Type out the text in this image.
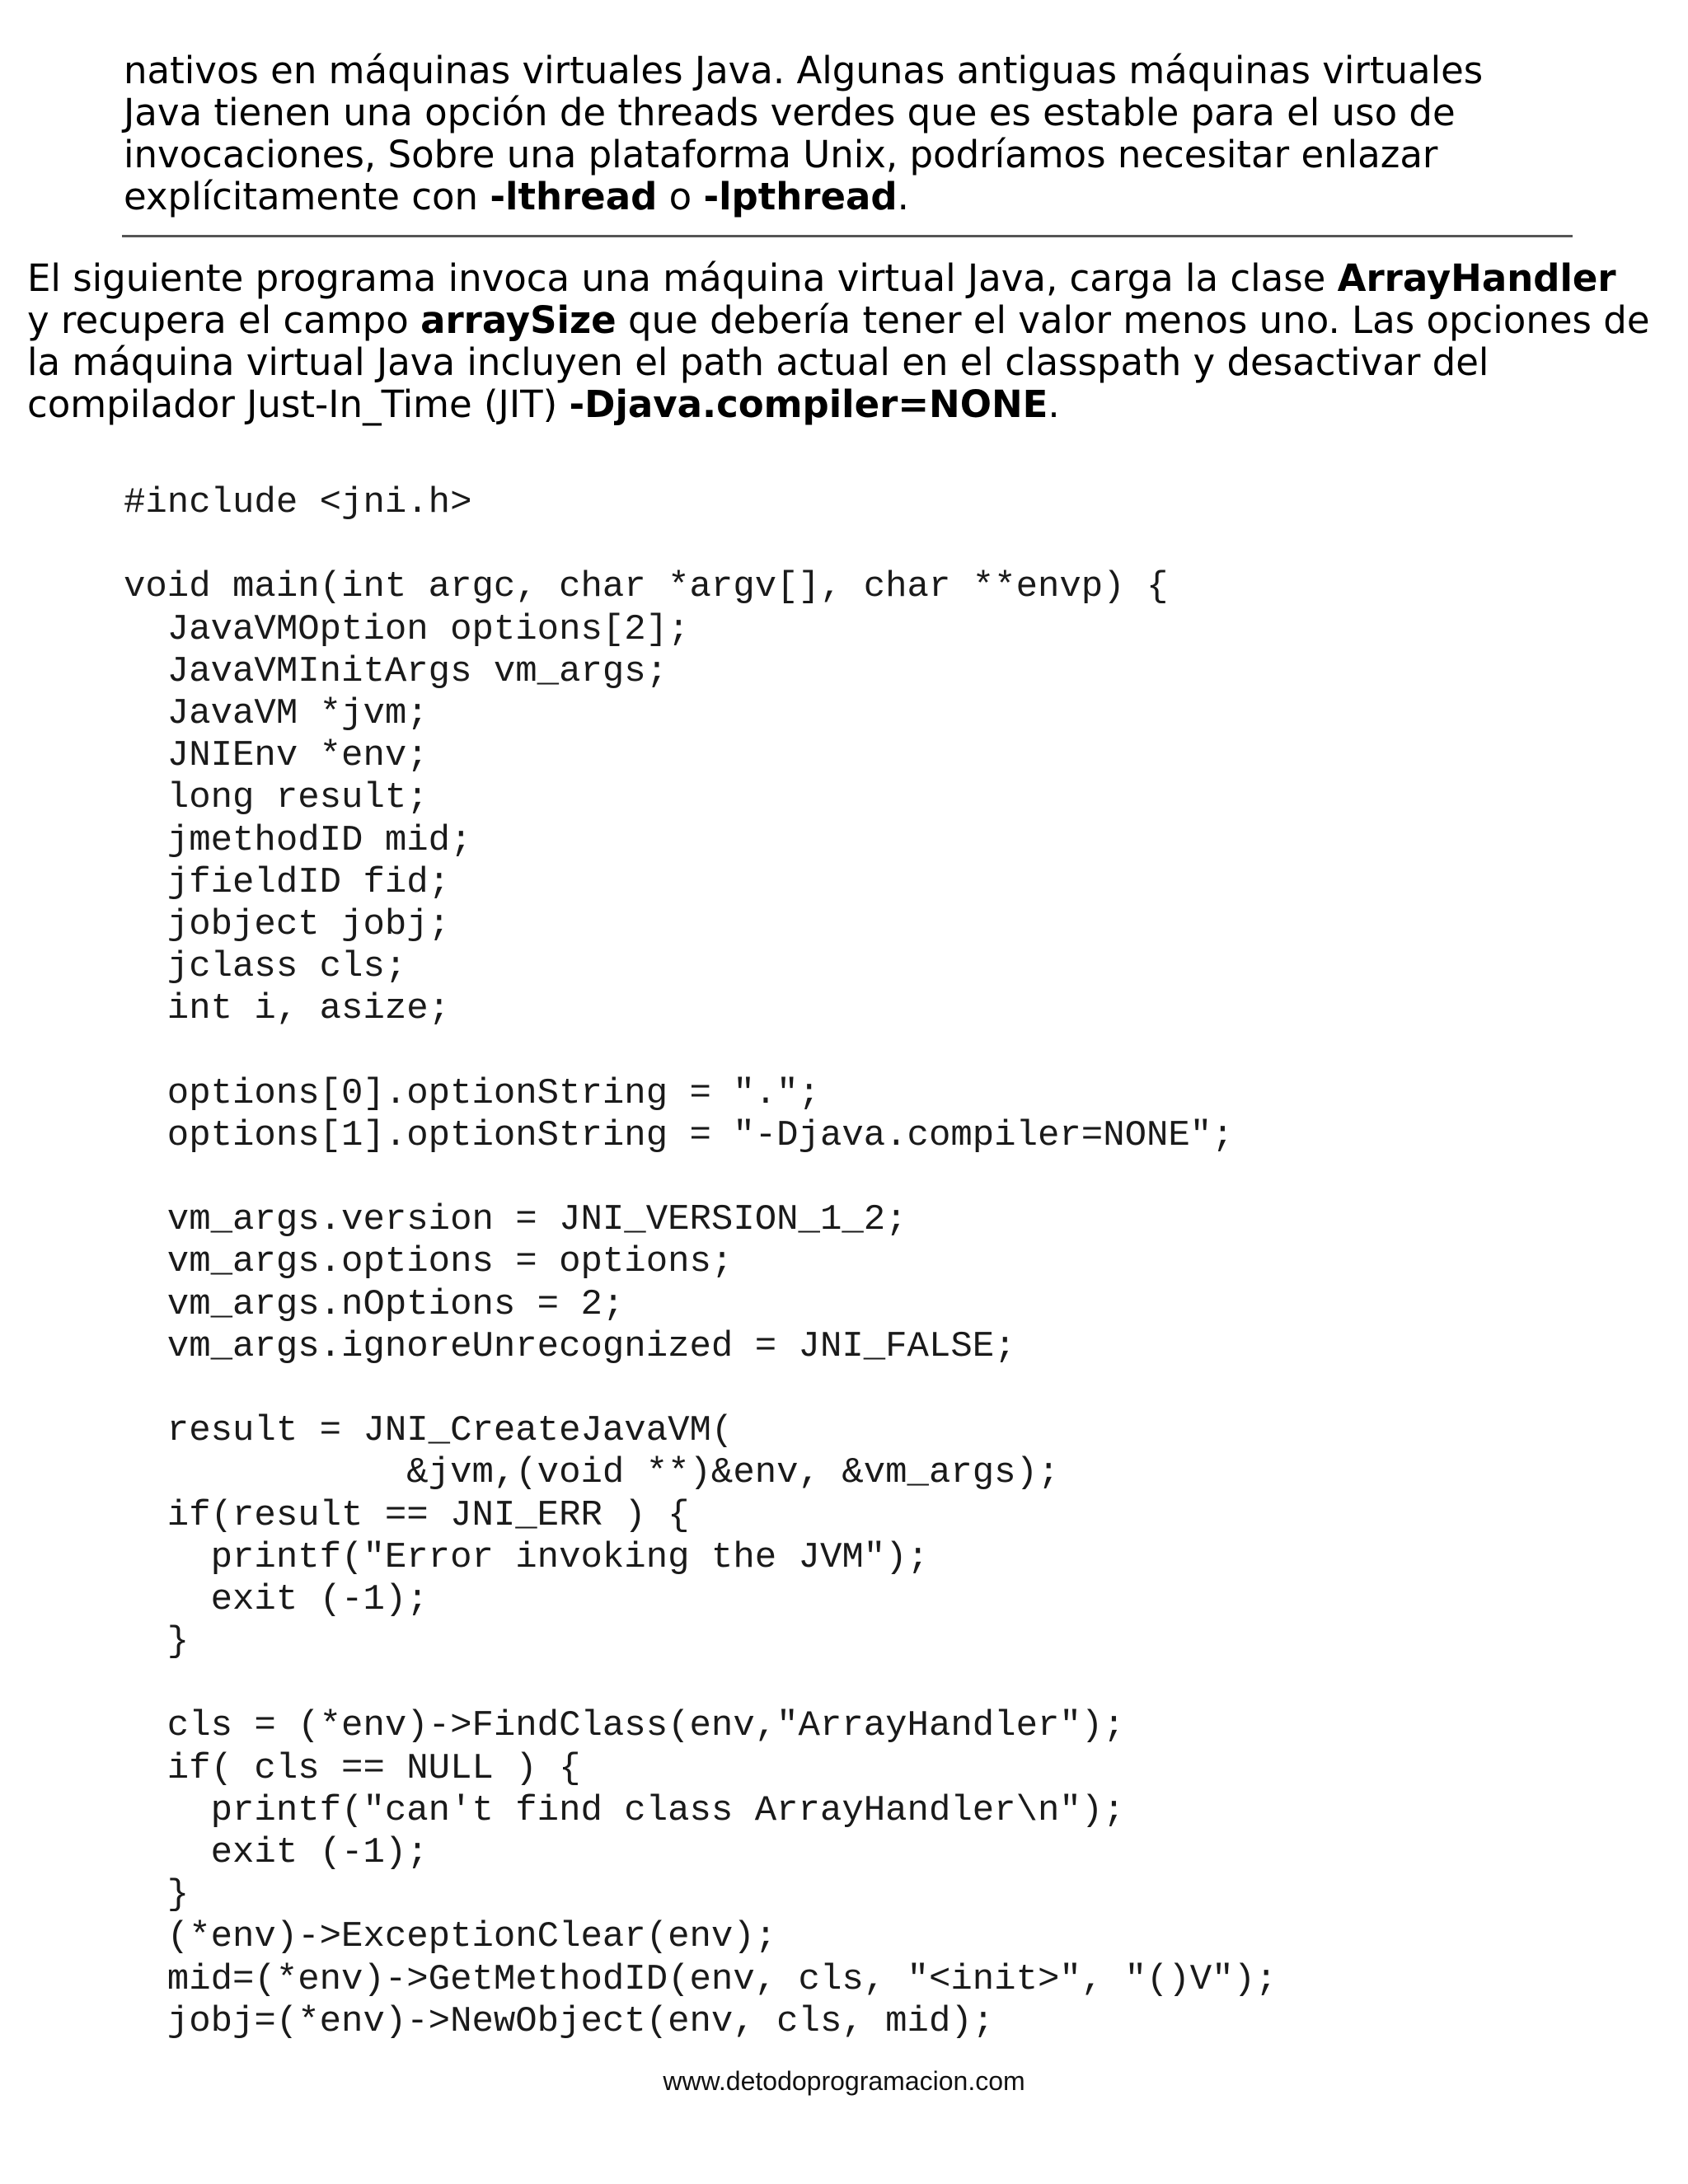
nativos en máquinas virtuales Java. Algunas antiguas máquinas virtuales
Java tienen una opción de threads verdes que es estable para el uso de
invocaciones, Sobre una plataforma Unix, podríamos necesitar enlazar
explícitamente con -lthread o -lpthread.
El siguiente programa invoca una máquina virtual Java, carga la clase ArrayHandler
y recupera el campo arraySize que debería tener el valor menos uno. Las opciones de
la máquina virtual Java incluyen el path actual en el classpath y desactivar del
compilador Just-In_Time (JIT) -Djava.compiler=NONE.
#include <jni.h>
void main(int argc, char *argv[], char **envp) {
JavaVMOption options[2];
JavaVMInitArgs vm_args;
JavaVM *jvm;
JNIEnv *env;
long result;
jmethodID mid;
jfieldID fid;
jobject jobj;
jclass cls;
int i, asize;
options[0].optionString = ".";
options[1].optionString = "-Djava.compiler=NONE";
vm_args.version = JNI_VERSION_1_2;
vm_args.options = options;
vm_args.nOptions = 2;
vm_args.ignoreUnrecognized = JNI_FALSE;
result = JNI_CreateJavaVM(
&jvm,(void **)&env, &vm_args);
if(result == JNI_ERR ) {
printf("Error invoking the JVM");
exit (-1);
}
cls = (*env)->FindClass(env,"ArrayHandler");
if( cls == NULL ) {
printf("can't find class ArrayHandler\n");
exit (-1);
}
(*env)->ExceptionClear(env);
mid=(*env)->GetMethodID(env, cls, "<init>", "()V");
jobj=(*env)->NewObject(env, cls, mid);
www.detodoprogramacion.com
